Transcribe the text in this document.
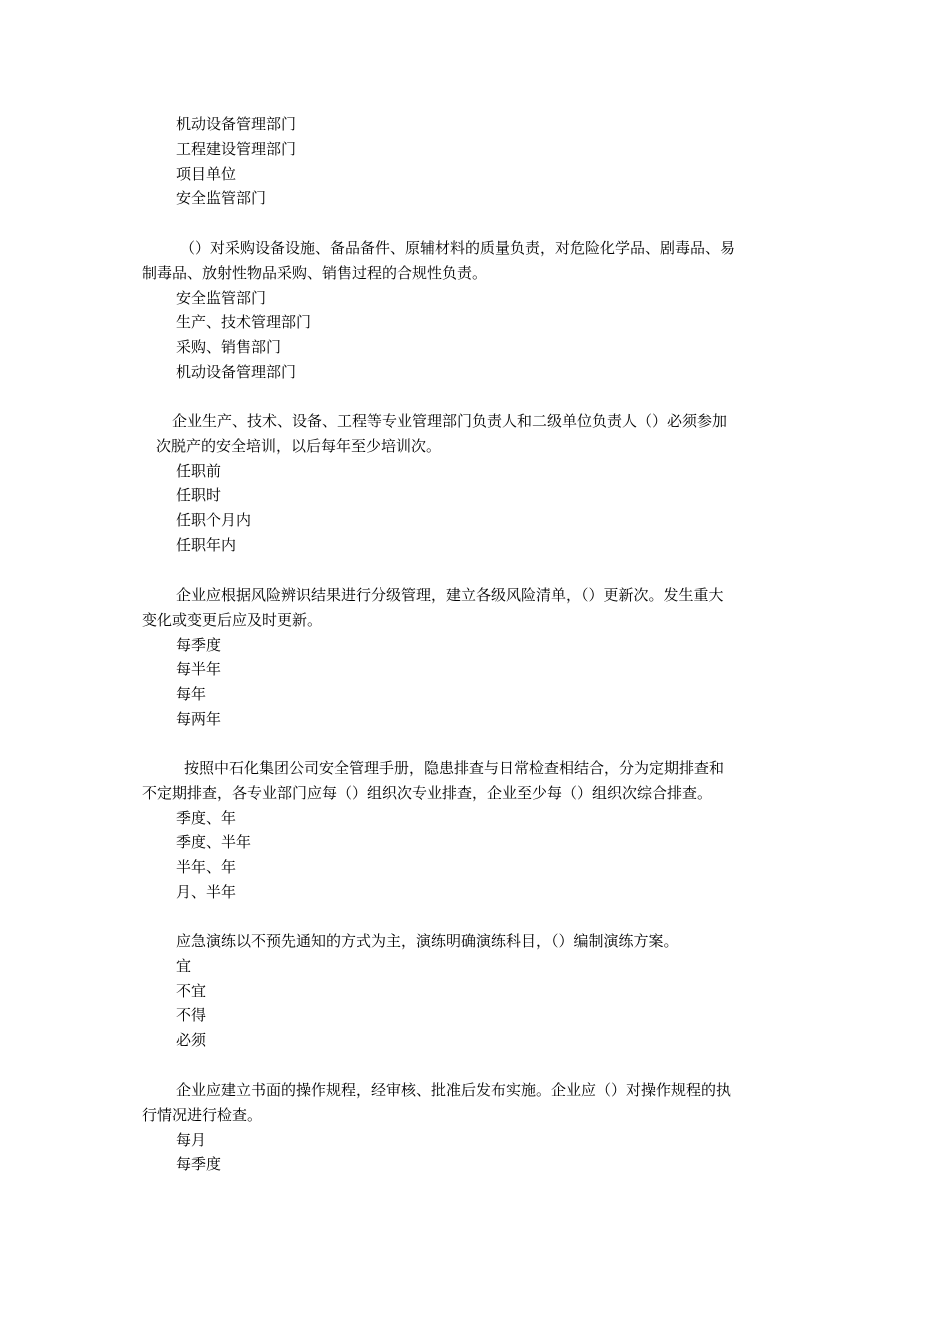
机动设备管理部门
工程建设管理部门
项目单位
安全监管部门
（）对采购设备设施、备品备件、原辅材料的质量负责，对危险化学品、剧毒品、易
制毒品、放射性物品采购、销售过程的合规性负责。
安全监管部门
生产、技术管理部门
采购、销售部门
机动设备管理部门
企业生产、技术、设备、工程等专业管理部门负责人和二级单位负责人（）必须参加
次脱产的安全培训，以后每年至少培训次。
任职前
任职时
任职个月内
任职年内
企业应根据风险辨识结果进行分级管理，建立各级风险清单，（）更新次。发生重大
变化或变更后应及时更新。
每季度
每半年
每年
每两年
按照中石化集团公司安全管理手册，隐患排查与日常检查相结合，分为定期排查和
不定期排查，各专业部门应每（）组织次专业排查，企业至少每（）组织次综合排查。
季度、年
季度、半年
半年、年
月、半年
应急演练以不预先通知的方式为主，演练明确演练科目，（）编制演练方案。
宜
不宜
不得
必须
企业应建立书面的操作规程，经审核、批准后发布实施。企业应（）对操作规程的执
行情况进行检查。
每月
每季度
